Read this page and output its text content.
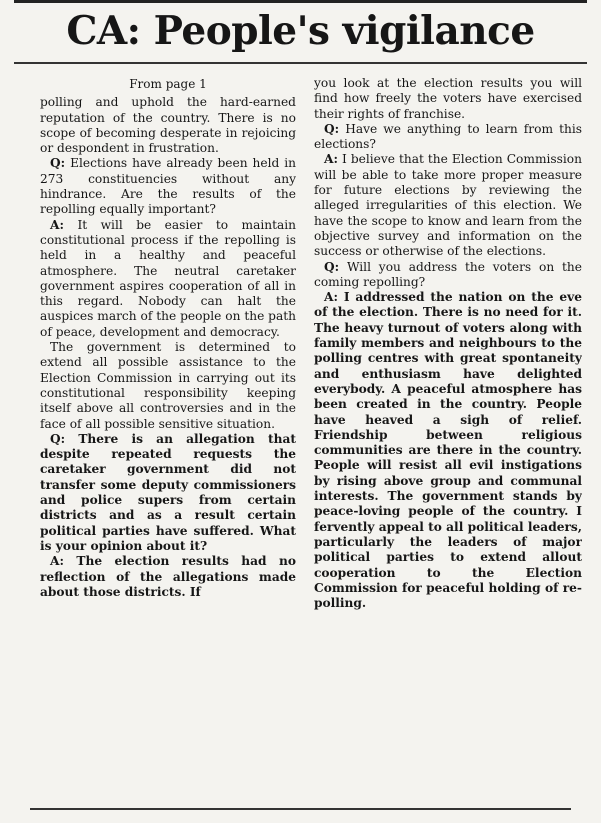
CA: People's vigilance

From page 1

polling and uphold the hard-earned reputation of the country. There is no scope of becoming desperate in rejoicing or despondent in frustration.

Q: Elections have already been held in 273 constituencies without any hindrance. Are the results of the repolling equally important?

A: It will be easier to maintain constitutional process if the repolling is held in a healthy and peaceful atmosphere. The neutral caretaker government aspires cooperation of all in this regard. Nobody can halt the auspices march of the people on the path of peace, development and democracy.

The government is determined to extend all possible assistance to the Election Commission in carrying out its constitutional responsibility keeping itself above all controversies and in the face of all possible sensitive situation.

Q: There is an allegation that despite repeated requests the caretaker government did not transfer some deputy commissioners and police supers from certain districts and as a result certain political parties have suffered. What is your opinion about it?

A: The election results had no reflection of the allegations made about those districts. If

you look at the election results you will find how freely the voters have exercised their rights of franchise.

Q: Have we anything to learn from this elections?

A: I believe that the Election Commission will be able to take more proper measure for future elections by reviewing the alleged irregularities of this election. We have the scope to know and learn from the objective survey and information on the success or otherwise of the elections.

Q: Will you address the voters on the coming repolling?

A: I addressed the nation on the eve of the election. There is no need for it. The heavy turnout of voters along with family members and neighbours to the polling centres with great spontaneity and enthusiasm have delighted everybody. A peaceful atmosphere has been created in the country. People have heaved a sigh of relief. Friendship between religious communities are there in the country. People will resist all evil instigations by rising above group and communal interests. The government stands by peace-loving people of the country. I fervently appeal to all political leaders, particularly the leaders of major political parties to extend allout cooperation to the Election Commission for peaceful holding of re-polling.
